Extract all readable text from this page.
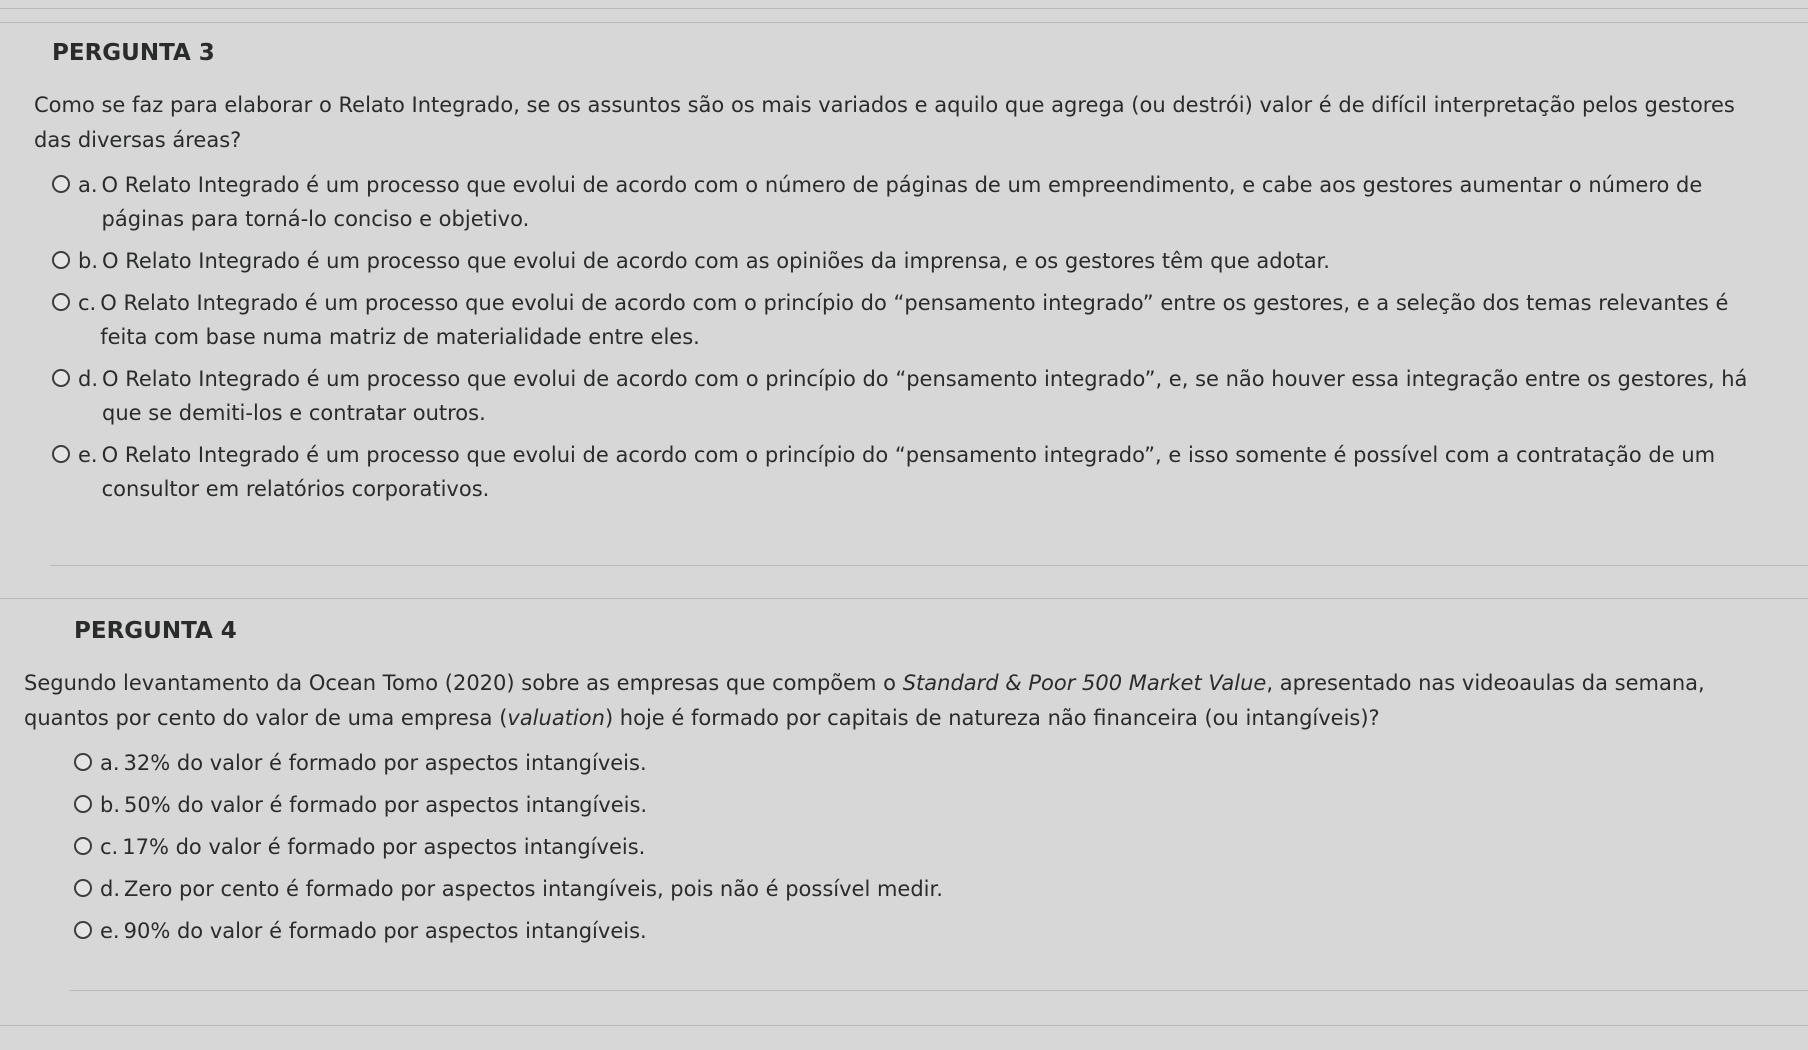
PERGUNTA 3
Como se faz para elaborar o Relato Integrado, se os assuntos são os mais variados e aquilo que agrega (ou destrói) valor é de difícil interpretação pelos gestores das diversas áreas?
a. O Relato Integrado é um processo que evolui de acordo com o número de páginas de um empreendimento, e cabe aos gestores aumentar o número de páginas para torná-lo conciso e objetivo.
b. O Relato Integrado é um processo que evolui de acordo com as opiniões da imprensa, e os gestores têm que adotar.
c. O Relato Integrado é um processo que evolui de acordo com o princípio do “pensamento integrado” entre os gestores, e a seleção dos temas relevantes é feita com base numa matriz de materialidade entre eles.
d. O Relato Integrado é um processo que evolui de acordo com o princípio do “pensamento integrado”, e, se não houver essa integração entre os gestores, há que se demiti-los e contratar outros.
e. O Relato Integrado é um processo que evolui de acordo com o princípio do “pensamento integrado”, e isso somente é possível com a contratação de um consultor em relatórios corporativos.
PERGUNTA 4
Segundo levantamento da Ocean Tomo (2020) sobre as empresas que compõem o Standard & Poor 500 Market Value, apresentado nas videoaulas da semana, quantos por cento do valor de uma empresa (valuation) hoje é formado por capitais de natureza não financeira (ou intangíveis)?
a. 32% do valor é formado por aspectos intangíveis.
b. 50% do valor é formado por aspectos intangíveis.
c. 17% do valor é formado por aspectos intangíveis.
d. Zero por cento é formado por aspectos intangíveis, pois não é possível medir.
e. 90% do valor é formado por aspectos intangíveis.
